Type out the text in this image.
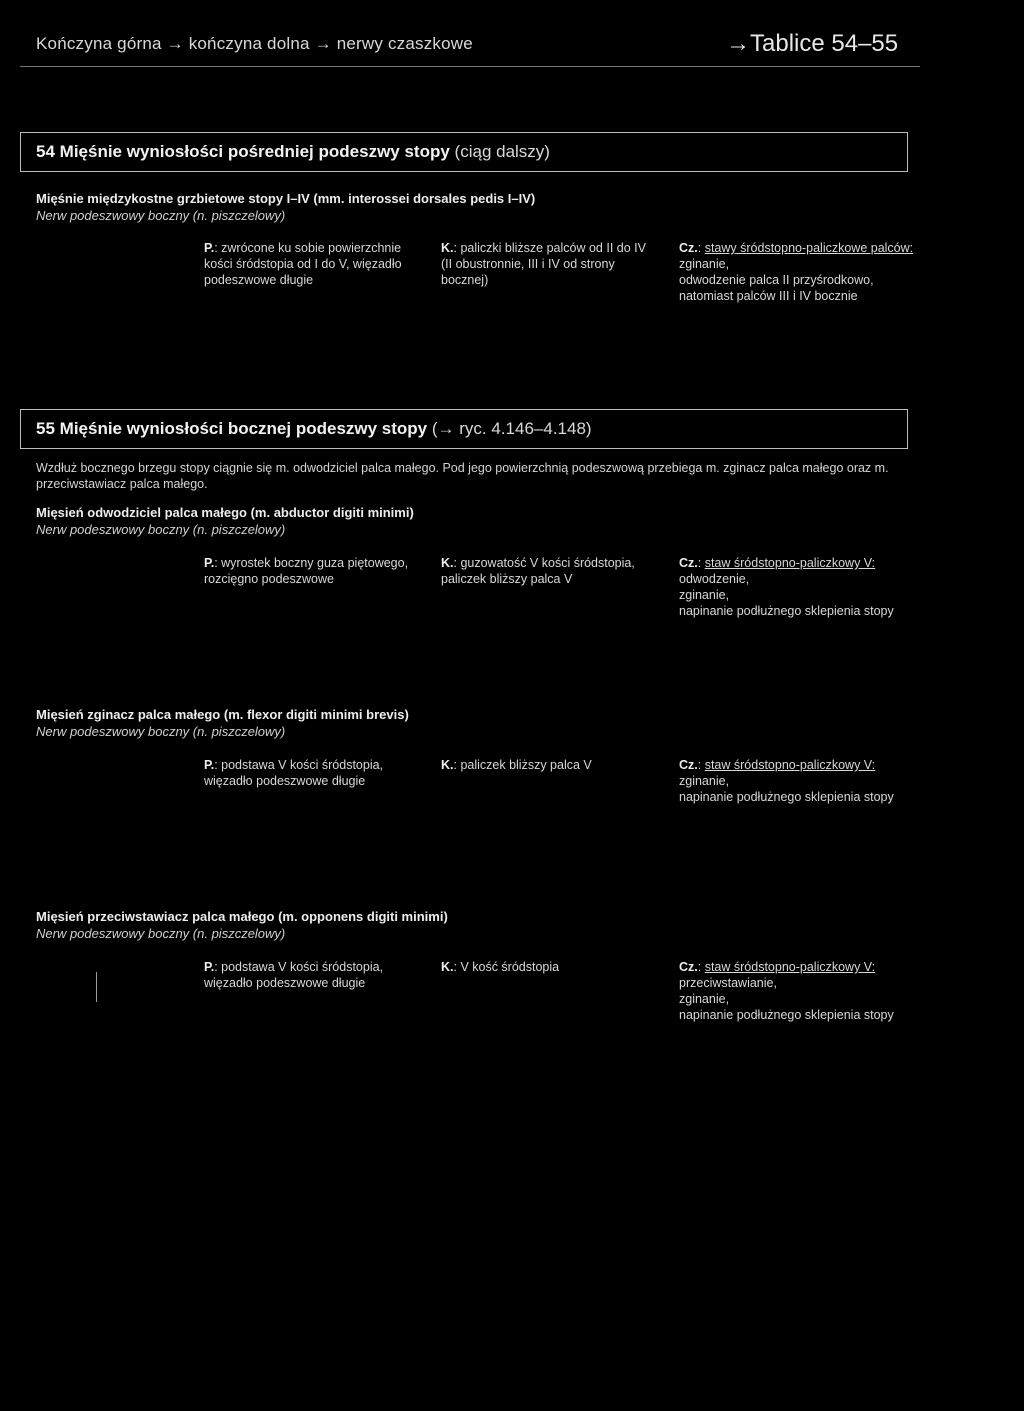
Kończyna górna → kończyna dolna → nerwy czaszkowe	→Tablice 54–55
54 Mięśnie wyniosłości pośredniej podeszwy stopy (ciąg dalszy)
Mięśnie międzykostne grzbietowe stopy I–IV (mm. interossei dorsales pedis I–IV)
Nerw podeszwowy boczny (n. piszczelowy)
P.: zwrócone ku sobie powierzchnie kości śródstopia od I do V, więzadło podeszwowe długie
K.: paliczki bliższe palców od II do IV (II obustronnie, III i IV od strony bocznej)
Cz.: stawy śródstopno-paliczkowe palców:
zginanie,
odwodzenie palca II przyśrodkowo,
natomiast palców III i IV bocznie
55 Mięśnie wyniosłości bocznej podeszwy stopy (→ ryc. 4.146–4.148)
Wzdłuż bocznego brzegu stopy ciągnie się m. odwodziciel palca małego. Pod jego powierzchnią podeszwową przebiega m. zginacz palca małego oraz m. przeciwstawiacz palca małego.
Mięsień odwodziciel palca małego (m. abductor digiti minimi)
Nerw podeszwowy boczny (n. piszczelowy)
P.: wyrostek boczny guza piętowego, rozcięgno podeszwowe
K.: guzowatość V kości śródstopia, paliczek bliższy palca V
Cz.: staw śródstopno-paliczkowy V:
odwodzenie,
zginanie,
napinanie podłużnego sklepienia stopy
Mięsień zginacz palca małego (m. flexor digiti minimi brevis)
Nerw podeszwowy boczny (n. piszczelowy)
P.: podstawa V kości śródstopia, więzadło podeszwowe długie
K.: paliczek bliższy palca V	Cz.: staw śródstopno-paliczkowy V:
zginanie,
napinanie podłużnego sklepienia stopy
Mięsień przeciwstawiacz palca małego (m. opponens digiti minimi)
Nerw podeszwowy boczny (n. piszczelowy)
P.: podstawa V kości śródstopia, więzadło podeszwowe długie
K.: V kość śródstopia	Cz.: staw śródstopno-paliczkowy V:
przeciwstawianie,
zginanie,
napinanie podłużnego sklepienia stopy
